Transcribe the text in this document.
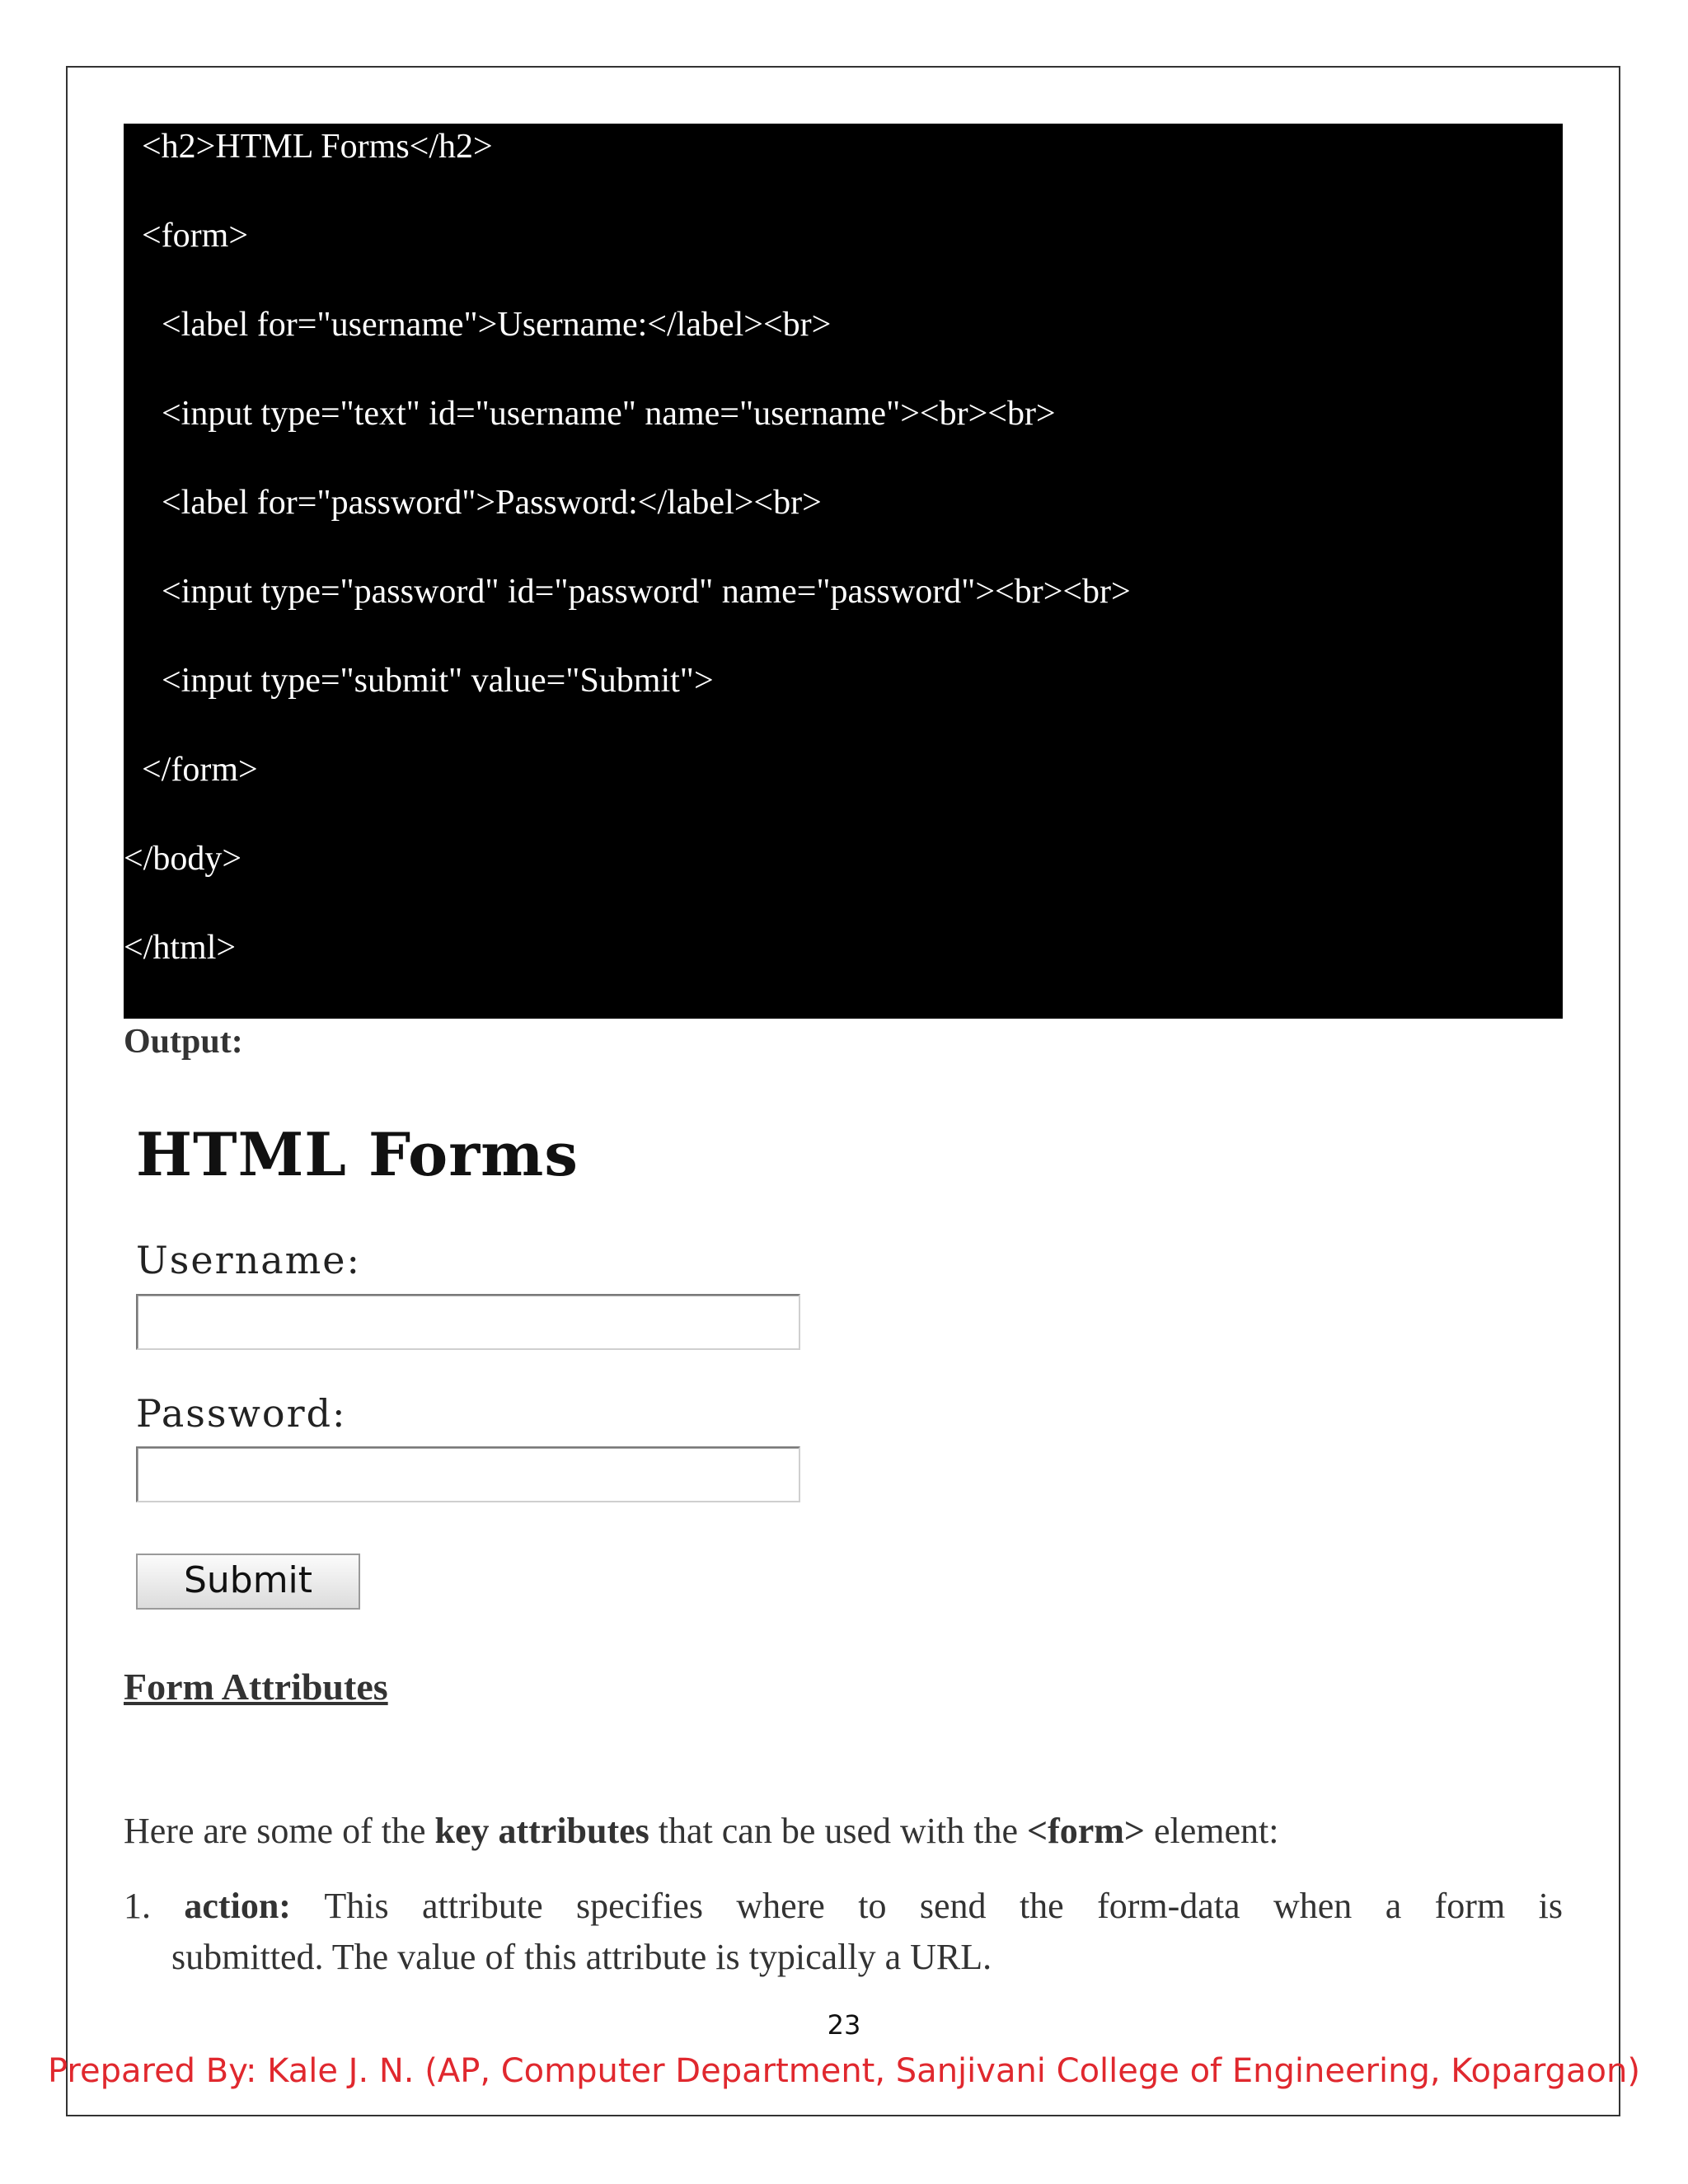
<h2>HTML Forms</h2>
<form>
<label for="username">Username:</label><br>
<input type="text" id="username" name="username"><br><br>
<label for="password">Password:</label><br>
<input type="password" id="password" name="password"><br><br>
<input type="submit" value="Submit">
</form>
</body>
</html>
Output:
HTML Forms
Username:
Password:
Submit
Form Attributes
Here are some of the key attributes that can be used with the <form> element:
1. action: This attribute specifies where to send the form-data when a form is
submitted. The value of this attribute is typically a URL.
23
Prepared By: Kale J. N. (AP, Computer Department, Sanjivani College of Engineering, Kopargaon)
